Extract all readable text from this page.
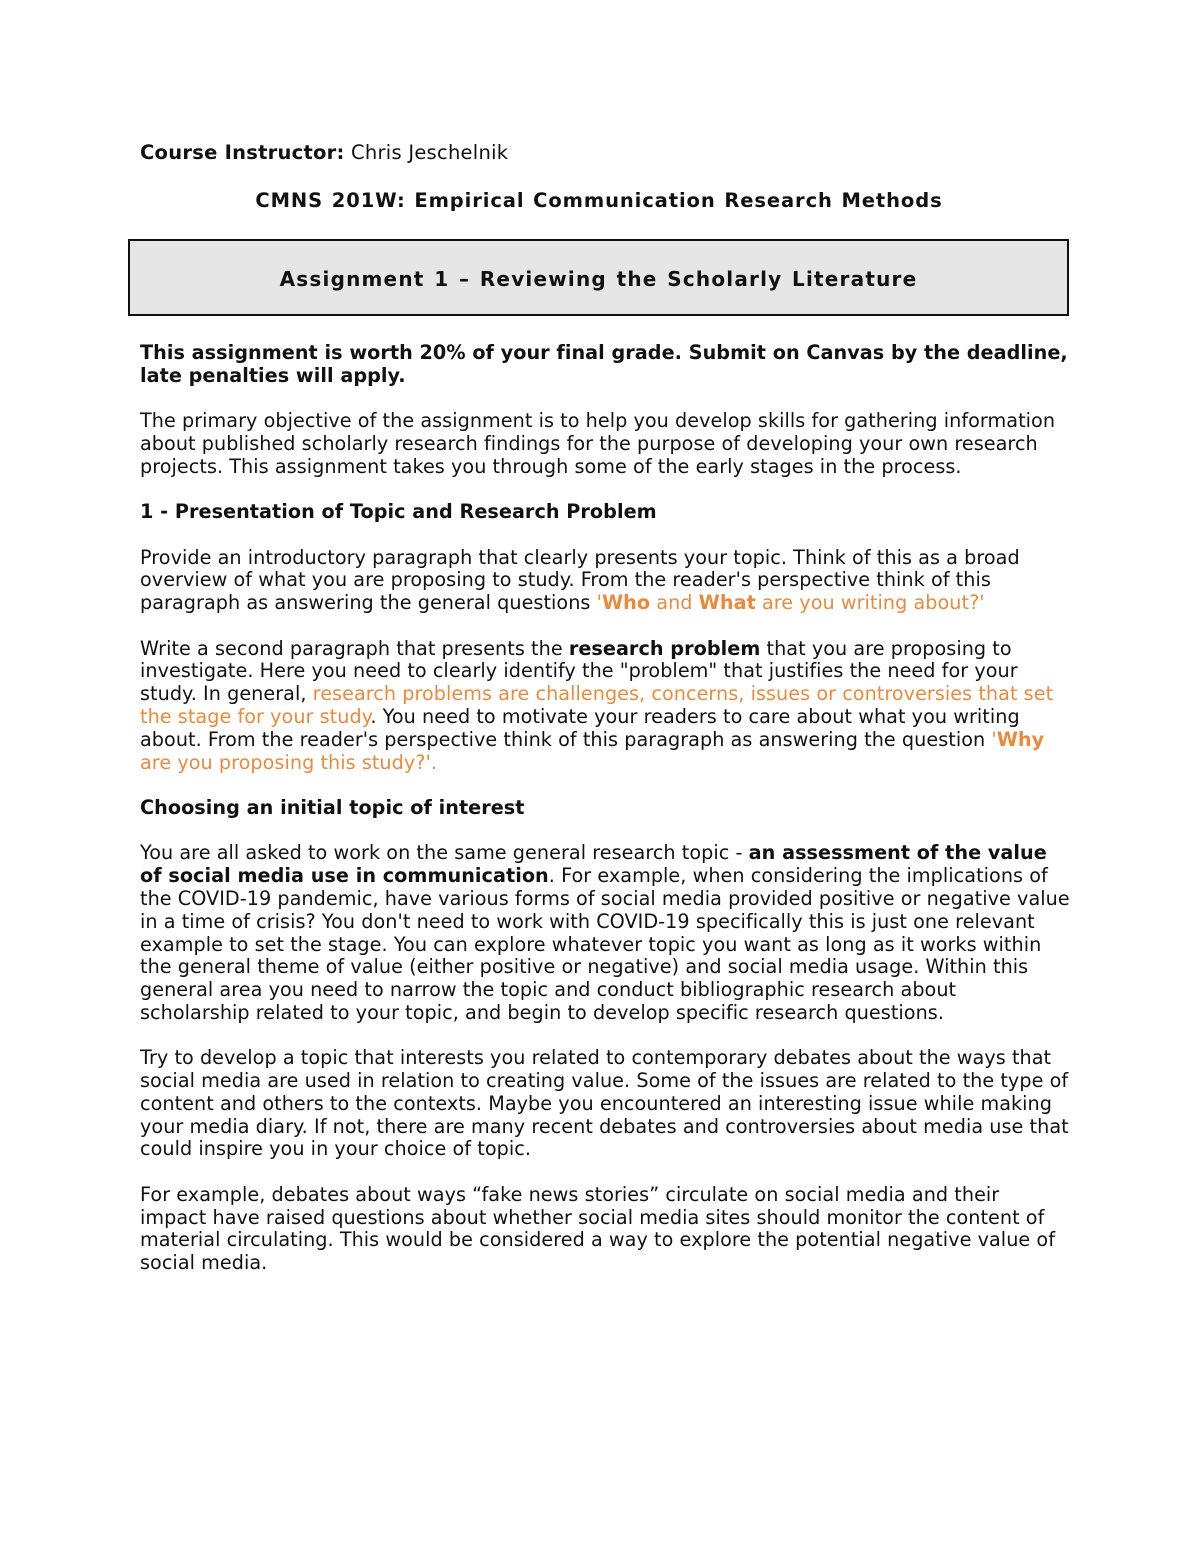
Course Instructor: Chris Jeschelnik
CMNS 201W: Empirical Communication Research Methods
Assignment 1 – Reviewing the Scholarly Literature

This assignment is worth 20% of your final grade. Submit on Canvas by the deadline, late penalties will apply.

The primary objective of the assignment is to help you develop skills for gathering information about published scholarly research findings for the purpose of developing your own research projects. This assignment takes you through some of the early stages in the process.

1 - Presentation of Topic and Research Problem

Provide an introductory paragraph that clearly presents your topic. Think of this as a broad overview of what you are proposing to study. From the reader's perspective think of this paragraph as answering the general questions 'Who and What are you writing about?'

Write a second paragraph that presents the research problem that you are proposing to investigate. Here you need to clearly identify the "problem" that justifies the need for your study. In general, research problems are challenges, concerns, issues or controversies that set the stage for your study. You need to motivate your readers to care about what you writing about. From the reader's perspective think of this paragraph as answering the question 'Why are you proposing this study?'.

Choosing an initial topic of interest

You are all asked to work on the same general research topic - an assessment of the value of social media use in communication. For example, when considering the implications of the COVID-19 pandemic, have various forms of social media provided positive or negative value in a time of crisis? You don't need to work with COVID-19 specifically this is just one relevant example to set the stage. You can explore whatever topic you want as long as it works within the general theme of value (either positive or negative) and social media usage. Within this general area you need to narrow the topic and conduct bibliographic research about scholarship related to your topic, and begin to develop specific research questions.

Try to develop a topic that interests you related to contemporary debates about the ways that social media are used in relation to creating value. Some of the issues are related to the type of content and others to the contexts. Maybe you encountered an interesting issue while making your media diary. If not, there are many recent debates and controversies about media use that could inspire you in your choice of topic.

For example, debates about ways “fake news stories” circulate on social media and their impact have raised questions about whether social media sites should monitor the content of material circulating. This would be considered a way to explore the potential negative value of social media.
